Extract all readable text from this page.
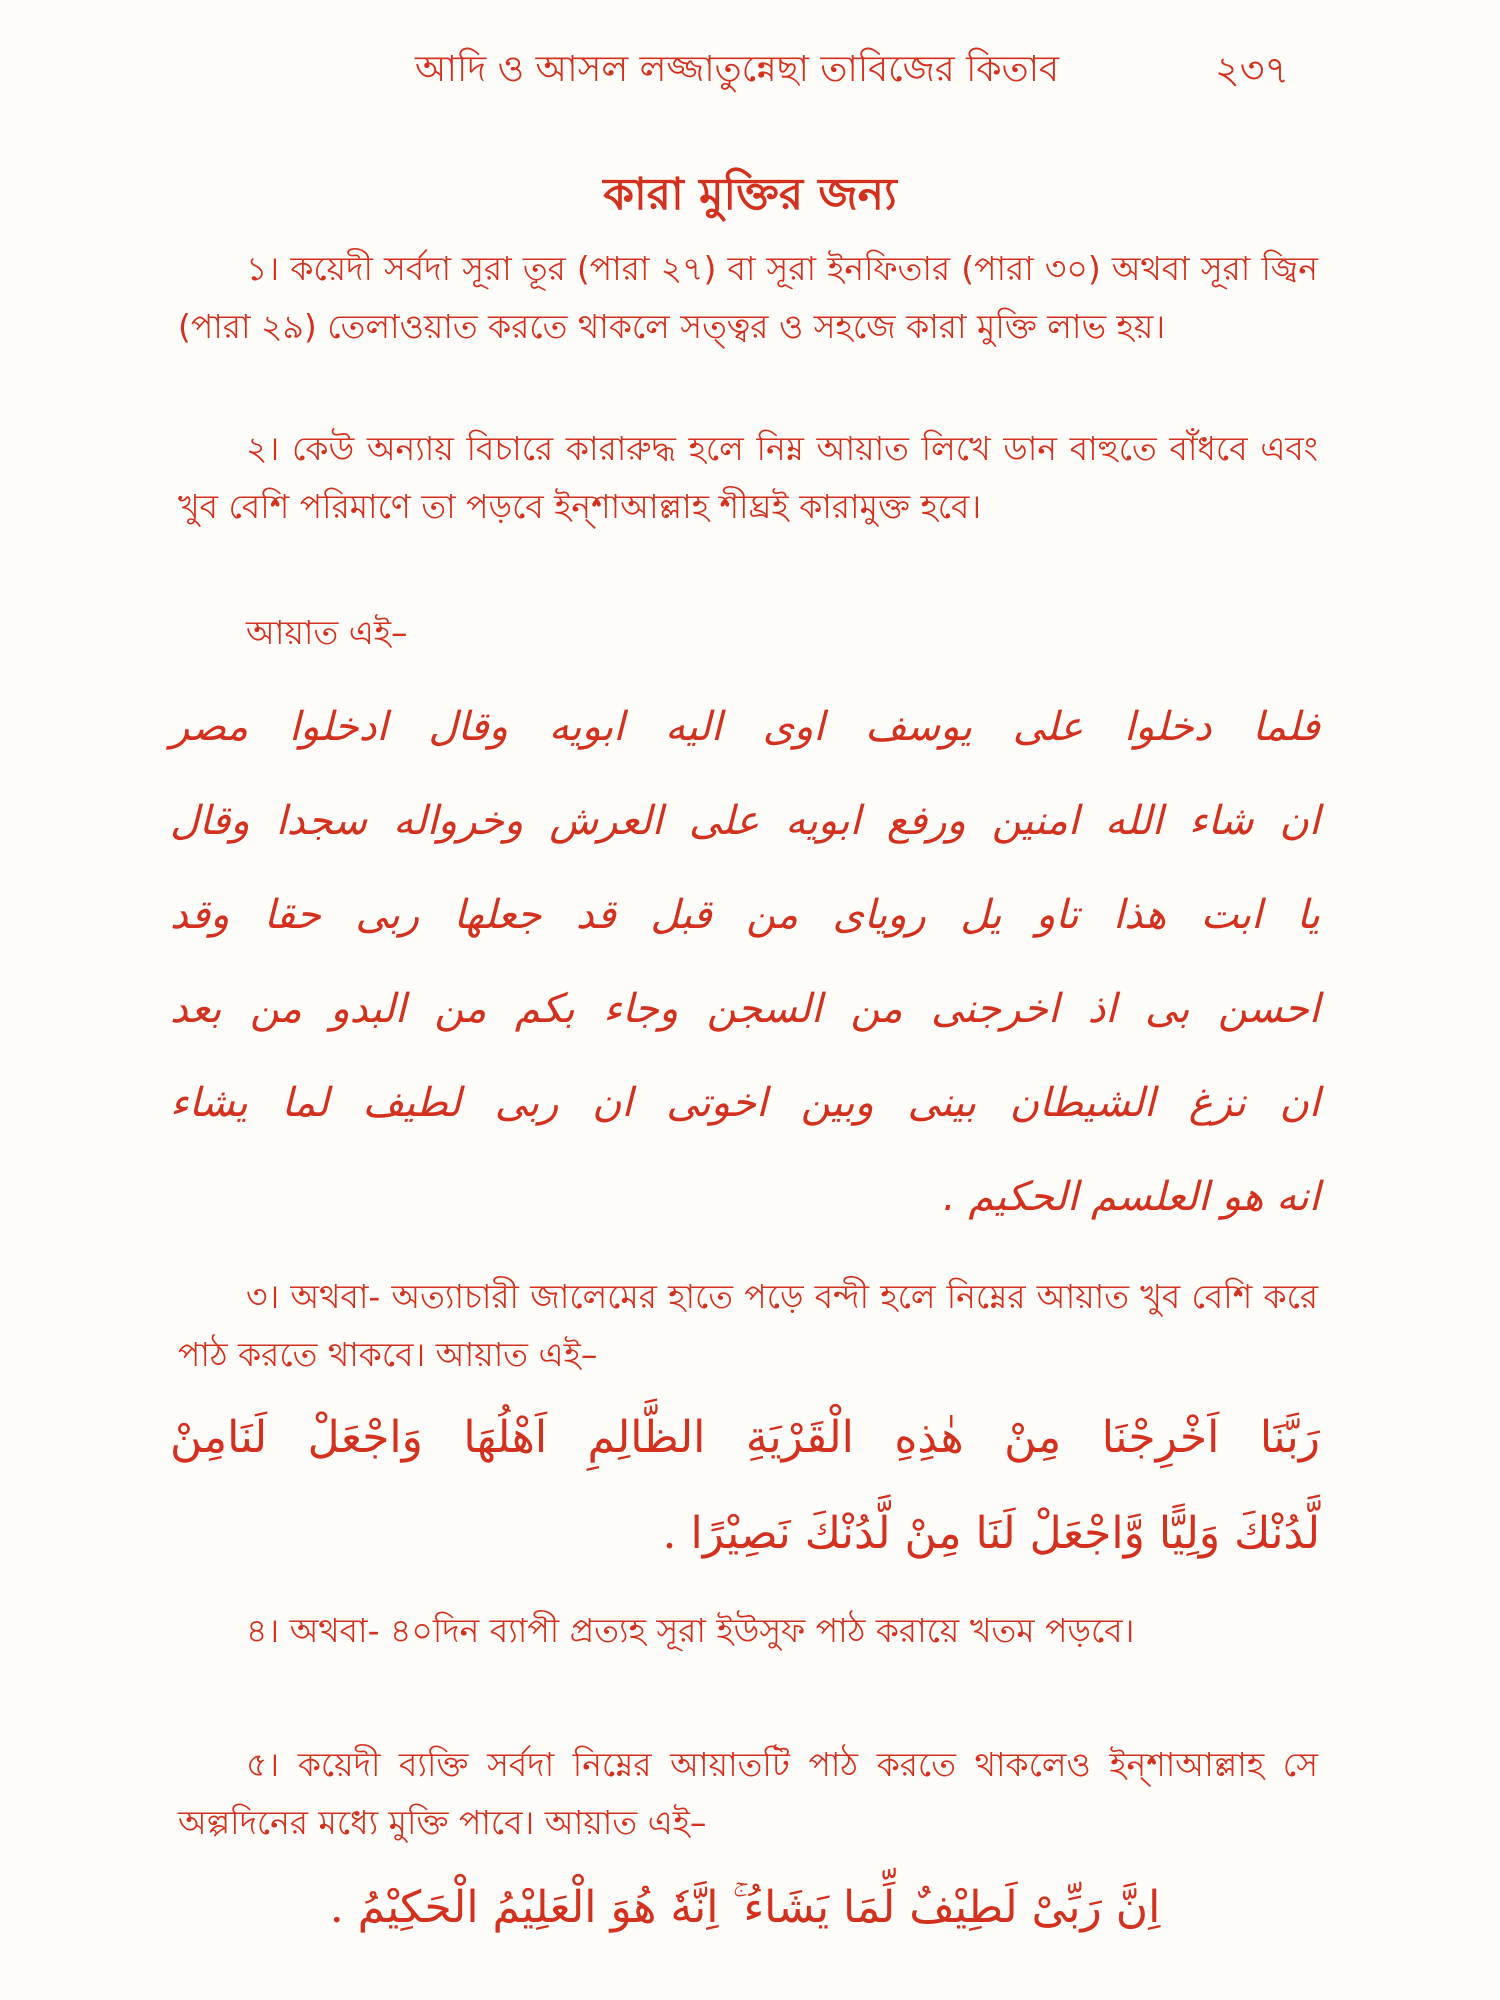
আদি ও আসল লজ্জাতুন্নেছা তাবিজের কিতাব	২৩৭
কারা মুক্তির জন্য
১। কয়েদী সর্বদা সূরা তূর (পারা ২৭) বা সূরা ইনফিতার (পারা ৩০) অথবা সূরা জ্বিন (পারা ২৯) তেলাওয়াত করতে থাকলে সত্ত্বর ও সহজে কারা মুক্তি লাভ হয়।
২। কেউ অন্যায় বিচারে কারারুদ্ধ হলে নিম্ন আয়াত লিখে ডান বাহুতে বাঁধবে এবং খুব বেশি পরিমাণে তা পড়বে ইন্‌শাআল্লাহ শীঘ্রই কারামুক্ত হবে।
আয়াত এই–
فلما دخلوا على يوسف اوى اليه ابويه وقال ادخلوا مصر
ان شاء الله امنين ورفع ابويه على العرش وخرواله سجدا وقال
يا ابت هذا تاو يل رويای من قبل قد جعلها ربی حقا وقد
احسن بی اذ اخرجنی من السجن وجاء بكم من البدو من بعد
ان نزغ الشيطان بينی وبين اخوتی ان ربی لطيف لما يشاء
انه هو العلسم الحكيم .
৩। অথবা- অত্যাচারী জালেমের হাতে পড়ে বন্দী হলে নিম্নের আয়াত খুব বেশি করে পাঠ করতে থাকবে। আয়াত এই–
رَبَّنَا اَخْرِجْنَا مِنْ هٰذِهِ الْقَرْيَةِ الظَّالِمِ اَهْلُهَا وَاجْعَلْ لَنَامِنْ
لَّدُنْكَ وَلِيًّا وَّاجْعَلْ لَنَا مِنْ لَّدُنْكَ نَصِيْرًا .
৪। অথবা- ৪০দিন ব্যাপী প্রত্যহ সূরা ইউসুফ পাঠ করায়ে খতম পড়বে।
৫। কয়েদী ব্যক্তি সর্বদা নিম্নের আয়াতটি পাঠ করতে থাকলেও ইন্‌শাআল্লাহ সে অল্পদিনের মধ্যে মুক্তি পাবে। আয়াত এই–
اِنَّ رَبِّىْ لَطِيْفٌ لِّمَا يَشَاءُ ۚ اِنَّهٗ هُوَ الْعَلِيْمُ الْحَكِيْمُ .
